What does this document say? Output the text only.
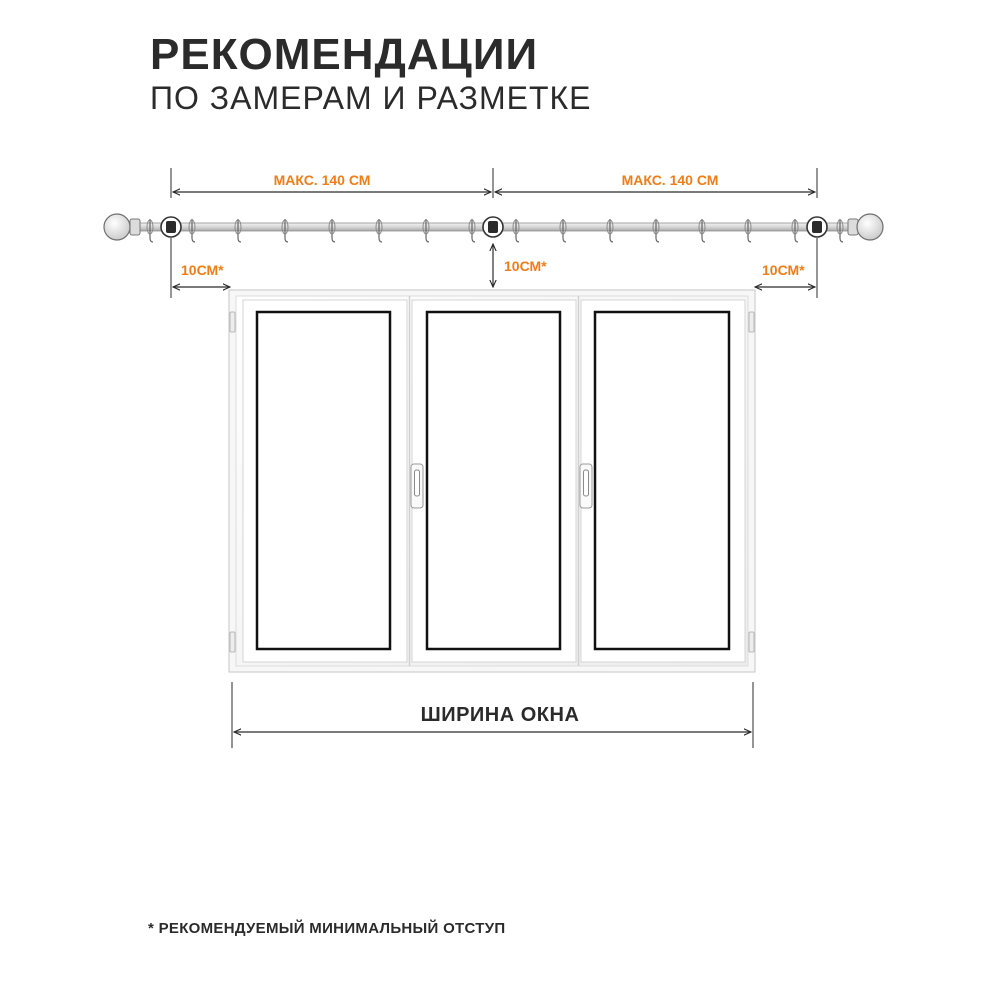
РЕКОМЕНДАЦИИ
ПО ЗАМЕРАМ И РАЗМЕТКЕ
МАКС. 140 СМ	МАКС. 140 СМ
10СМ*	10СМ*	10СМ*
ШИРИНА ОКНА
* РЕКОМЕНДУЕМЫЙ МИНИМАЛЬНЫЙ ОТСТУП
